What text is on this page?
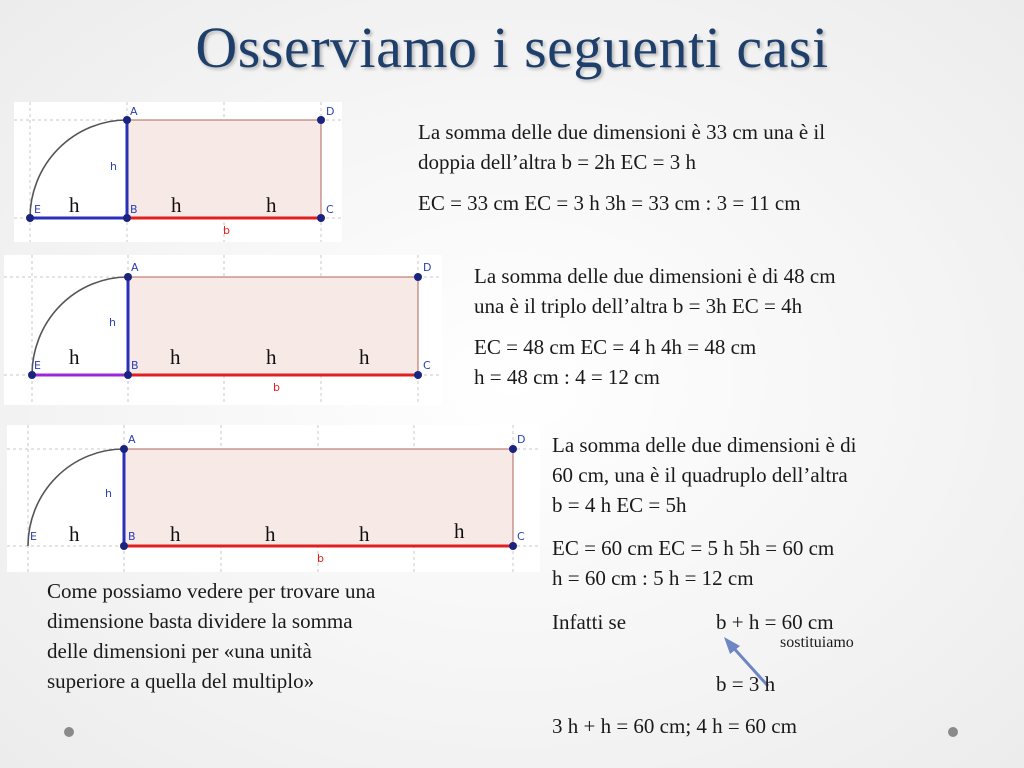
Osserviamo i seguenti casi
A
B	C
D
E
h
b
h	h	h
A
B	C
D
E
h
b
h	h	h	h
A
B	C
D
E
h
b
h	h	h	h	h

La somma delle due dimensioni è 33 cm una è il

doppia dell’altra b = 2h EC = 3 h

EC = 33 cm EC = 3 h 3h = 33 cm : 3 = 11 cm

La somma delle due dimensioni è di 48 cm

una è il triplo dell’altra b = 3h EC = 4h

EC = 48 cm EC = 4 h 4h = 48 cm

h = 48 cm : 4 = 12 cm

La somma delle due dimensioni è di

60 cm, una è il quadruplo dell’altra

b = 4 h EC = 5h

EC = 60 cm EC = 5 h 5h = 60 cm

h = 60 cm : 5 h = 12 cm

Infatti se	b + h = 60 cm
sostituiamo
b = 3 h
3 h + h = 60 cm; 4 h = 60 cm

Come possiamo vedere per trovare una

dimensione basta dividere la somma

delle dimensioni per «una unità

superiore a quella del multiplo»
